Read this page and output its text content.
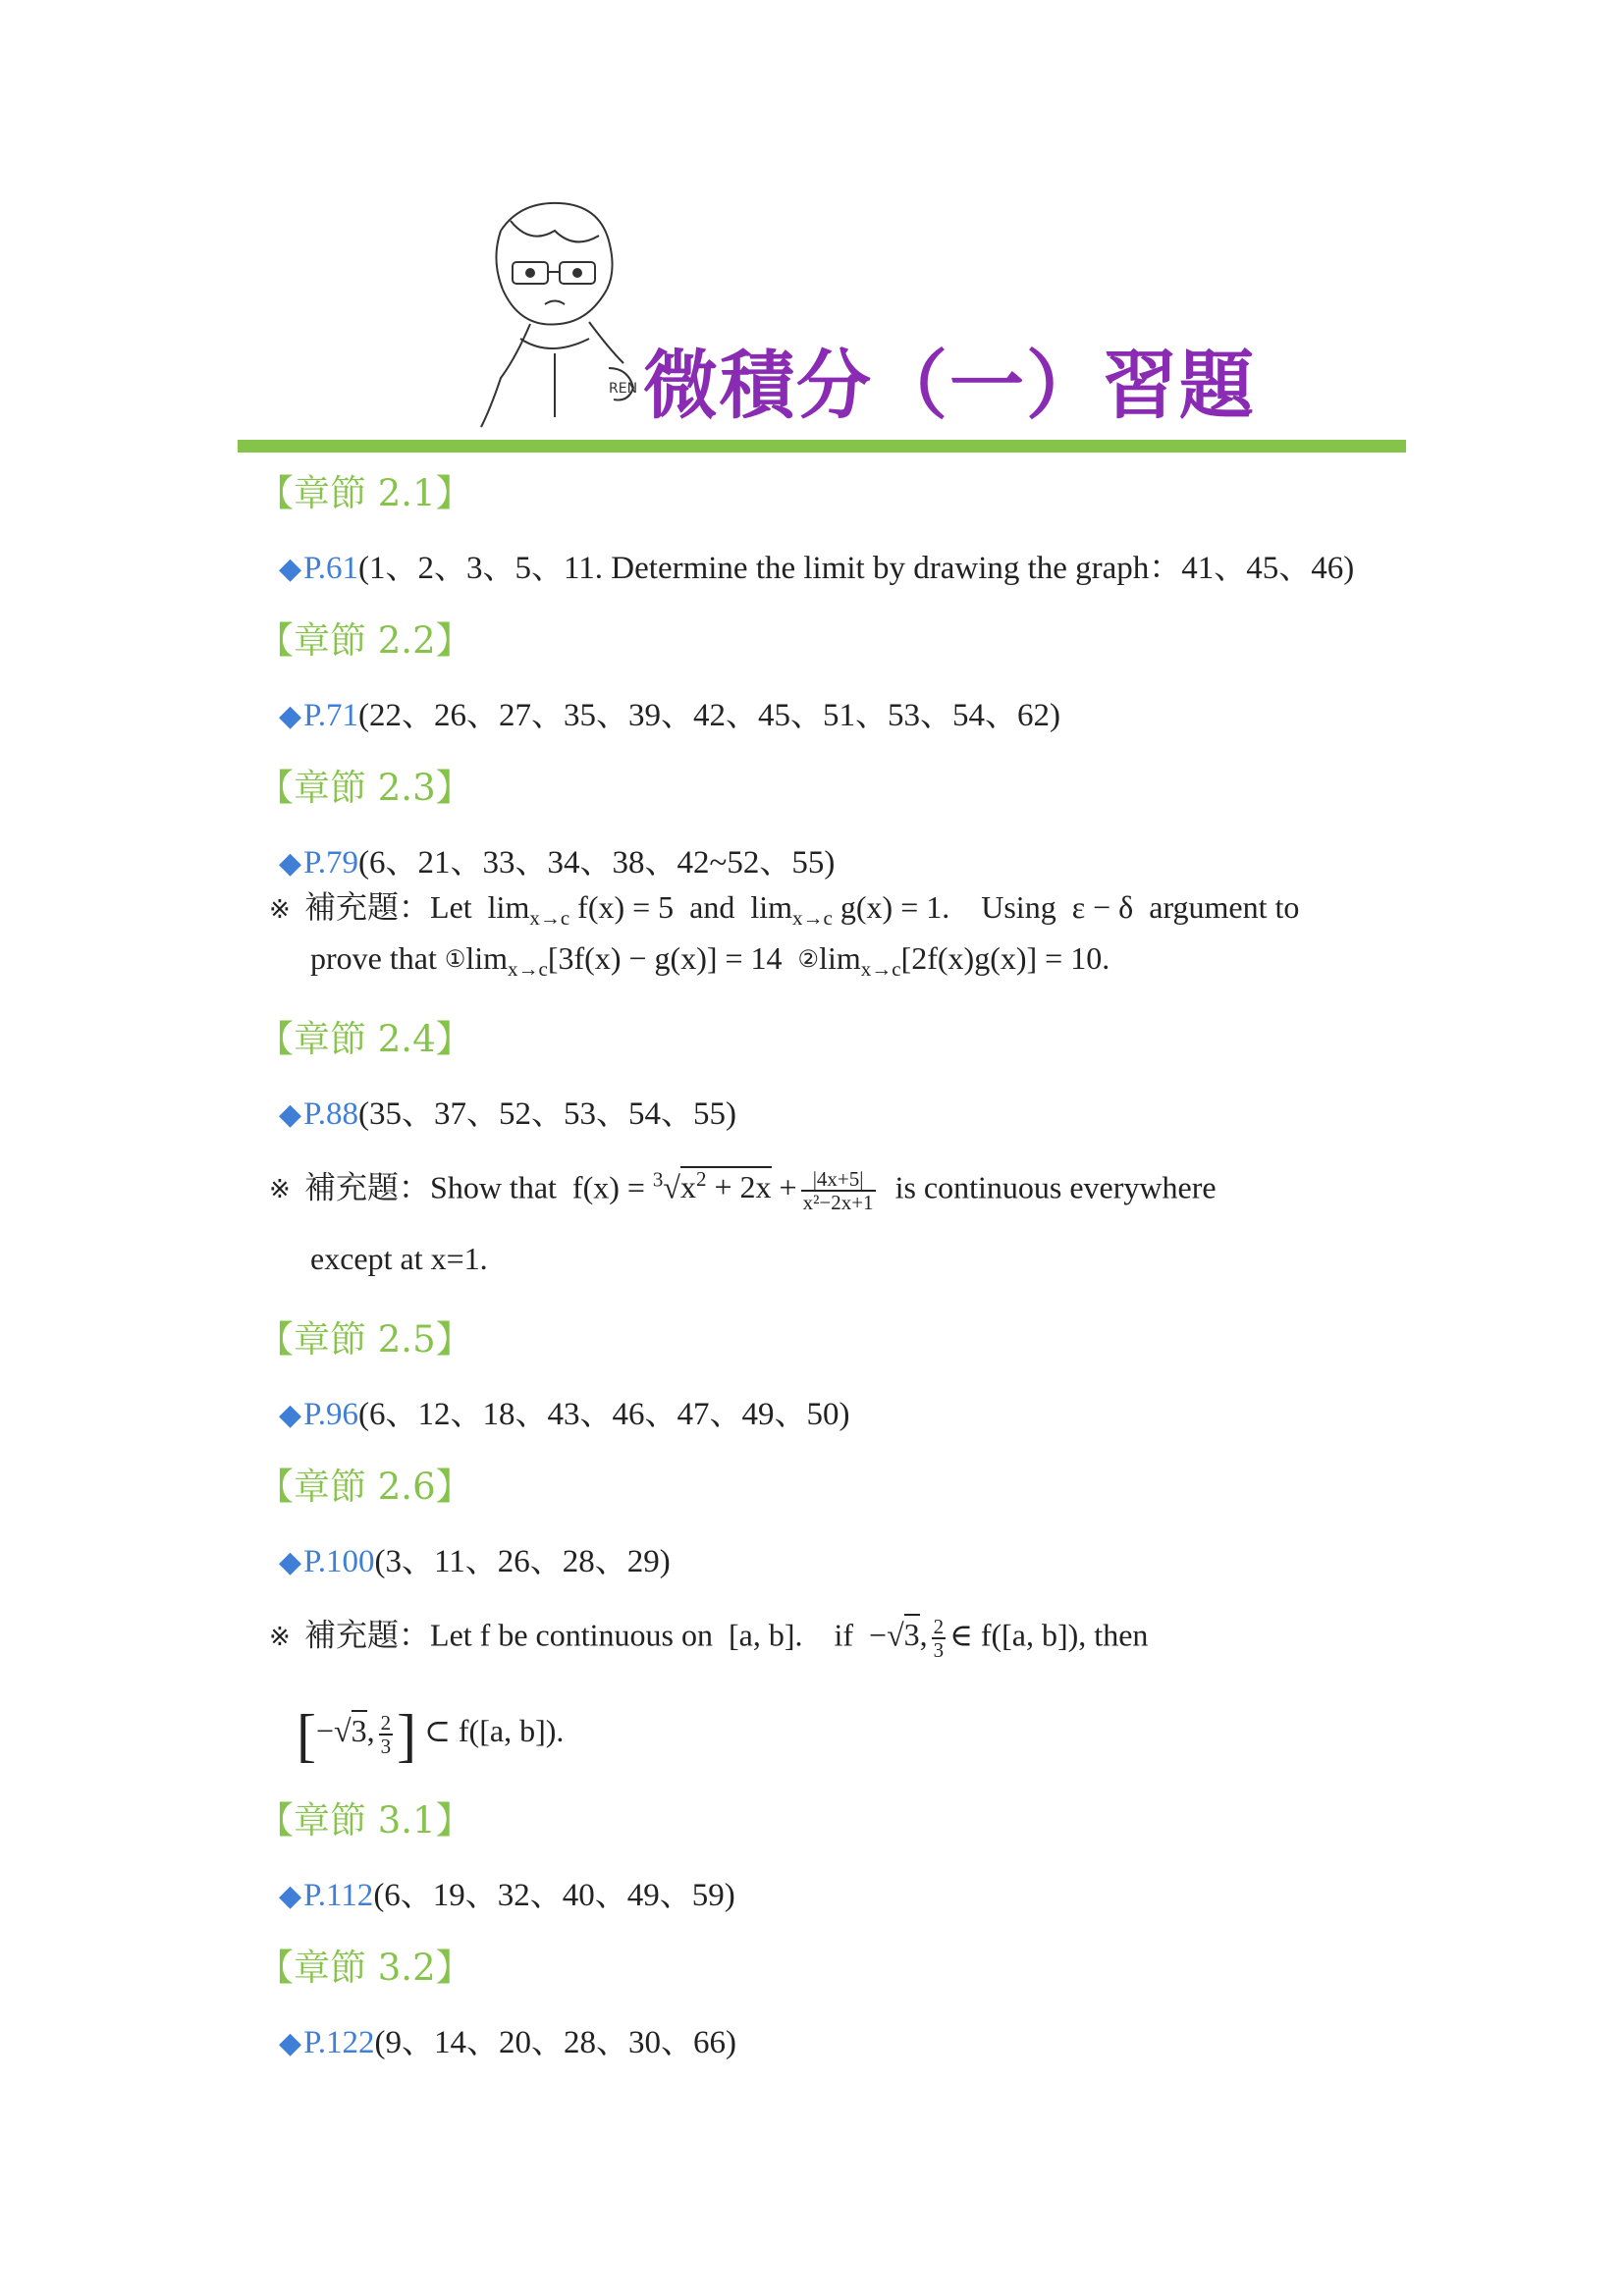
REN 微積分（一）習題
【章節 2.1】
◆P.61(1、2、3、5、11. Determine the limit by drawing the graph：41、45、46)
【章節 2.2】
◆P.71(22、26、27、35、39、42、45、51、53、54、62)
【章節 2.3】
◆P.79(6、21、33、34、38、42~52、55)
※ 補充題：Let $\lim_{x\to c} f(x) = 5$ and $\lim_{x\to c} g(x) = 1$. Using ε − δ argument to
prove that $①\lim_{x\to c}[3f(x) - g(x)] = 14$ $②\lim_{x\to c}[2f(x)g(x)] = 10$.
【章節 2.4】
◆P.88(35、37、52、53、54、55)
※ 補充題：Show that $f(x) = ^3√x^2 + 2x + \frac{|4x+5|}{\text{x²−2x+1}}$ is continuous everywhere
except at x=1.
【章節 2.5】
◆P.96(6、12、18、43、46、47、49、50)
【章節 2.6】
◆P.100(3、11、26、28、29)
※ 補充題：Let f be continuous on [a, b]. if −√3, $\frac{2}{3}$ ∈ f([a, b]), then
[−√3, $\frac{2}{3}$ ] ⊂ f([a, b]).
【章節 3.1】
◆P.112(6、19、32、40、49、59)
【章節 3.2】
◆P.122(9、14、20、28、30、66)
